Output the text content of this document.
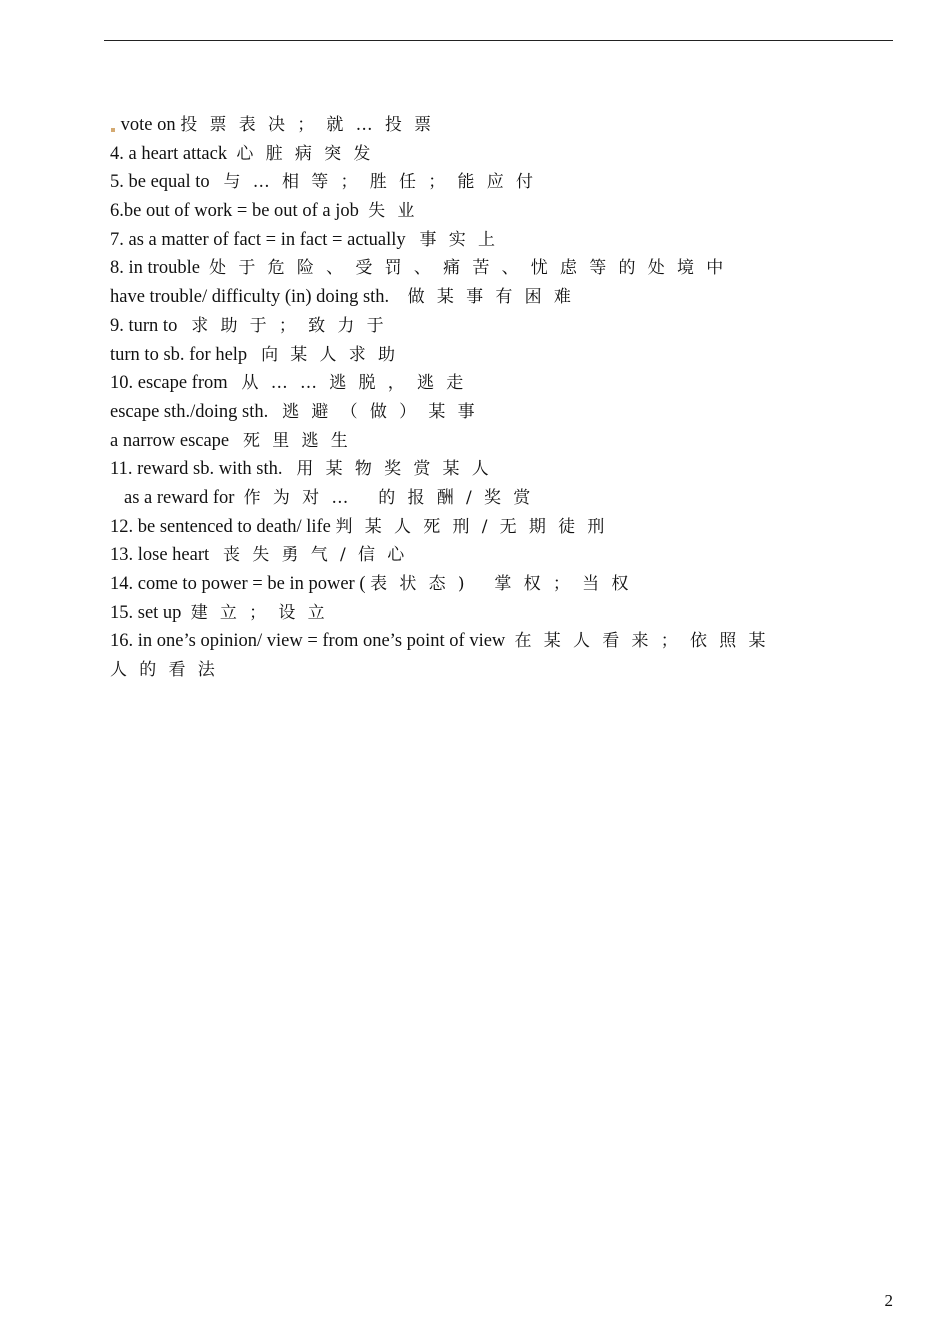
vote on 投票表决；就…投票
4. a heart attack 心脏病突发
5. be equal to 与…相等；胜任；能应付
6.be out of work = be out of a job 失业
7. as a matter of fact = in fact = actually 事实上
8. in trouble 处于危险、受罚、痛苦、忧虑等的处境中
have trouble/ difficulty (in) doing sth. 做某事有困难
9. turn to 求助于；致力于
turn to sb. for help 向某人求助
10. escape from 从……逃脱，逃走
escape sth./doing sth. 逃避（做）某事
a narrow escape 死里逃生
11. reward sb. with sth. 用某物奖赏某人
as a reward for 作为对… 的报酬/奖赏
12. be sentenced to death/ life 判某人死刑/无期徒刑
13. lose heart 丧失勇气/信心
14. come to power = be in power ( 表状态) 掌权；当权
15. set up 建立；设立
16. in one’s opinion/ view = from one’s point of view 在某人看来；依照某
人的看法
2
